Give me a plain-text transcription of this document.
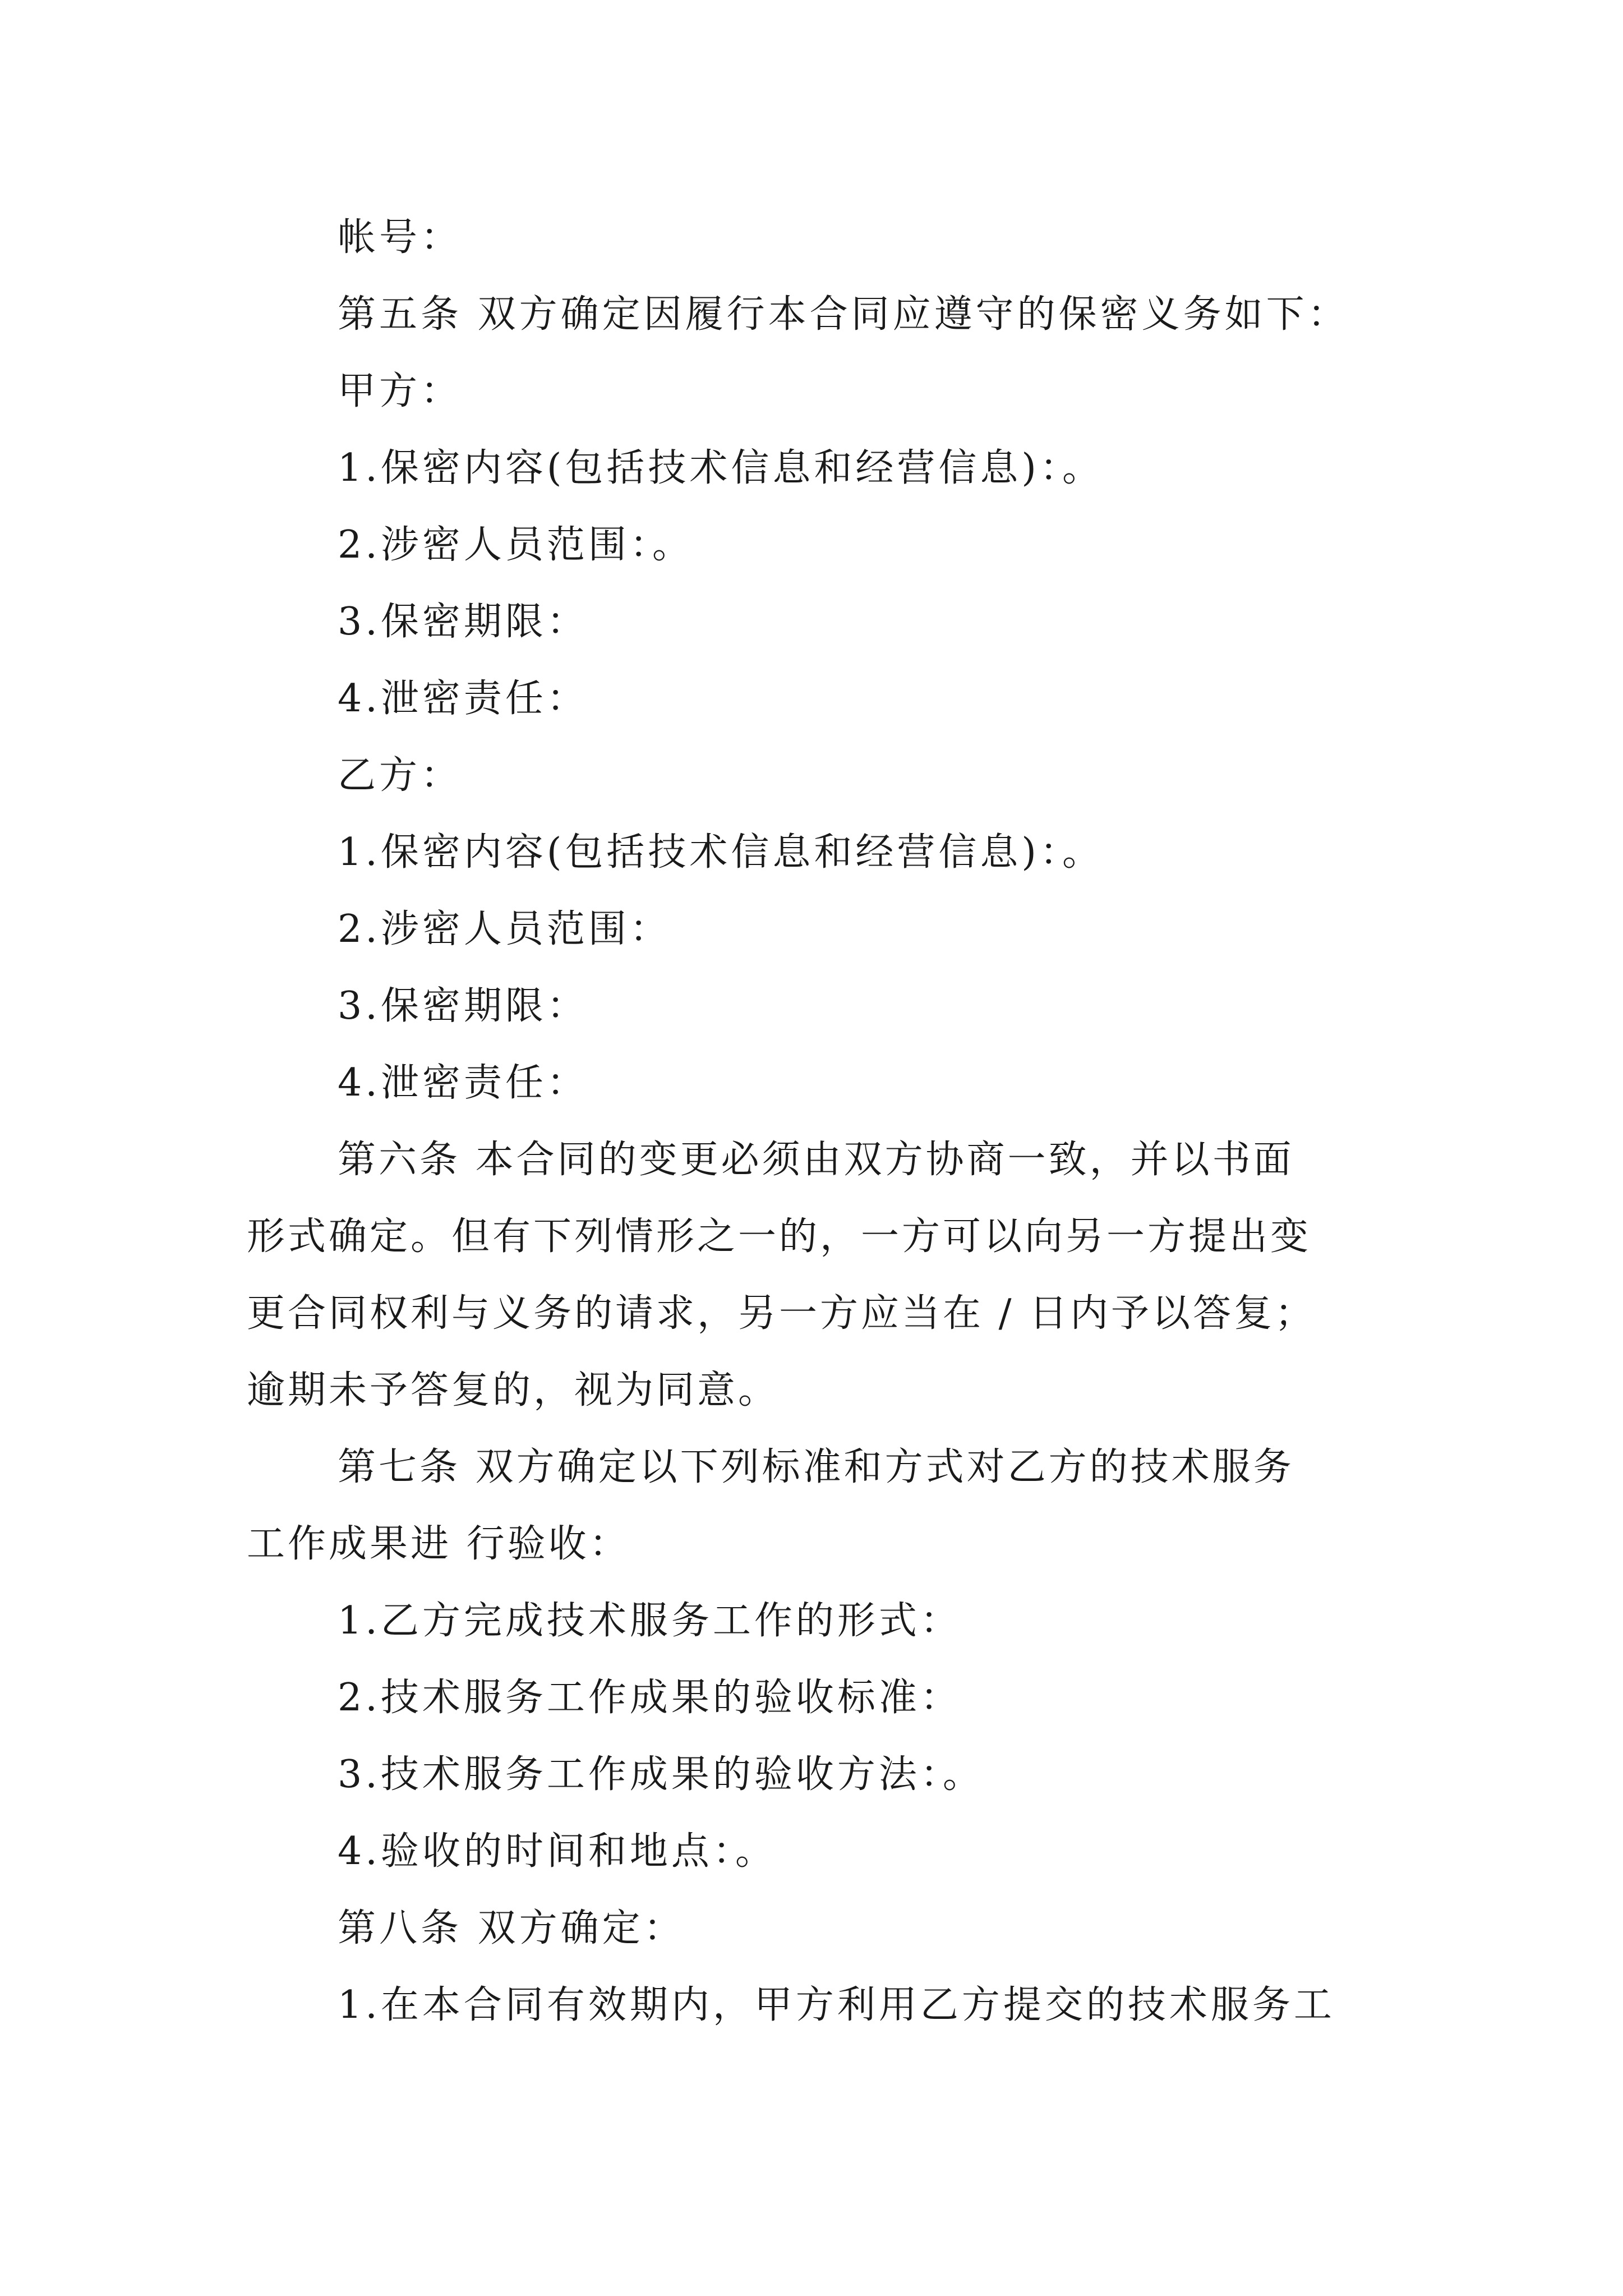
帐号：
第五条 双方确定因履行本合同应遵守的保密义务如下：
甲方：
1.保密内容(包括技术信息和经营信息)：。
2.涉密人员范围：。
3.保密期限：
4.泄密责任：
乙方：
1.保密内容(包括技术信息和经营信息)：。
2.涉密人员范围：
3.保密期限：
4.泄密责任：
第六条 本合同的变更必须由双方协商一致，并以书面
形式确定。但有下列情形之一的，一方可以向另一方提出变
更合同权利与义务的请求，另一方应当在 / 日内予以答复；
逾期未予答复的，视为同意。
第七条 双方确定以下列标准和方式对乙方的技术服务
工作成果进 行验收：
1.乙方完成技术服务工作的形式：
2.技术服务工作成果的验收标准：
3.技术服务工作成果的验收方法：。
4.验收的时间和地点：。
第八条 双方确定：
1.在本合同有效期内，甲方利用乙方提交的技术服务工
